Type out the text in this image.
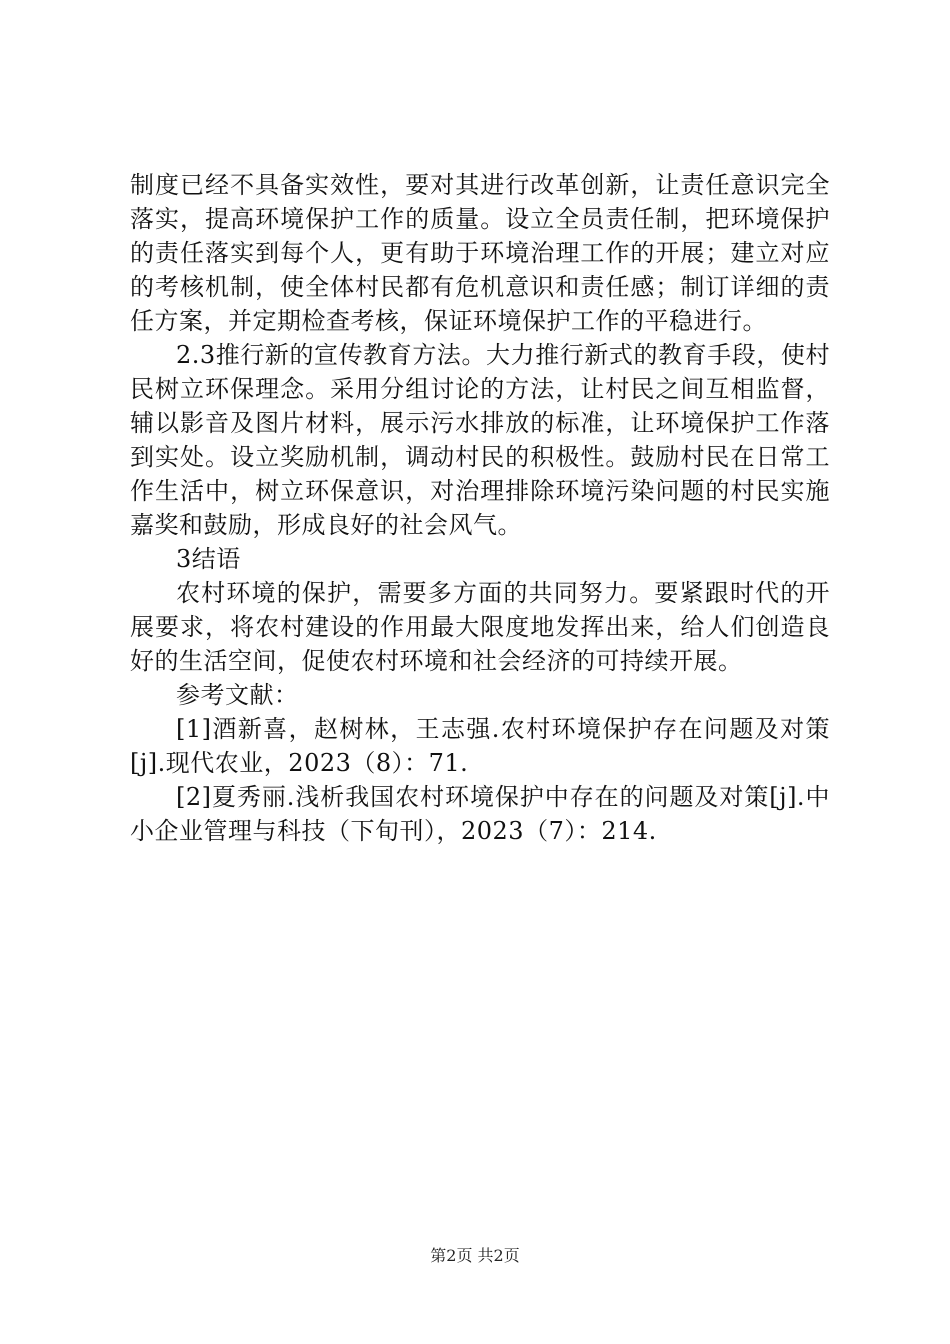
制度已经不具备实效性，要对其进行改革创新，让责任意识完全落实，提高环境保护工作的质量。设立全员责任制，把环境保护的责任落实到每个人，更有助于环境治理工作的开展；建立对应的考核机制，使全体村民都有危机意识和责任感；制订详细的责任方案，并定期检查考核，保证环境保护工作的平稳进行。

2.3推行新的宣传教育方法。大力推行新式的教育手段，使村民树立环保理念。采用分组讨论的方法，让村民之间互相监督，辅以影音及图片材料，展示污水排放的标准，让环境保护工作落到实处。设立奖励机制，调动村民的积极性。鼓励村民在日常工作生活中，树立环保意识，对治理排除环境污染问题的村民实施嘉奖和鼓励，形成良好的社会风气。

3结语

农村环境的保护，需要多方面的共同努力。要紧跟时代的开展要求，将农村建设的作用最大限度地发挥出来，给人们创造良好的生活空间，促使农村环境和社会经济的可持续开展。

参考文献：

[1]酒新喜，赵树林，王志强.农村环境保护存在问题及对策[j].现代农业，2023（8）：71.

[2]夏秀丽.浅析我国农村环境保护中存在的问题及对策[j].中小企业管理与科技（下旬刊），2023（7）：214.

第2页 共2页
